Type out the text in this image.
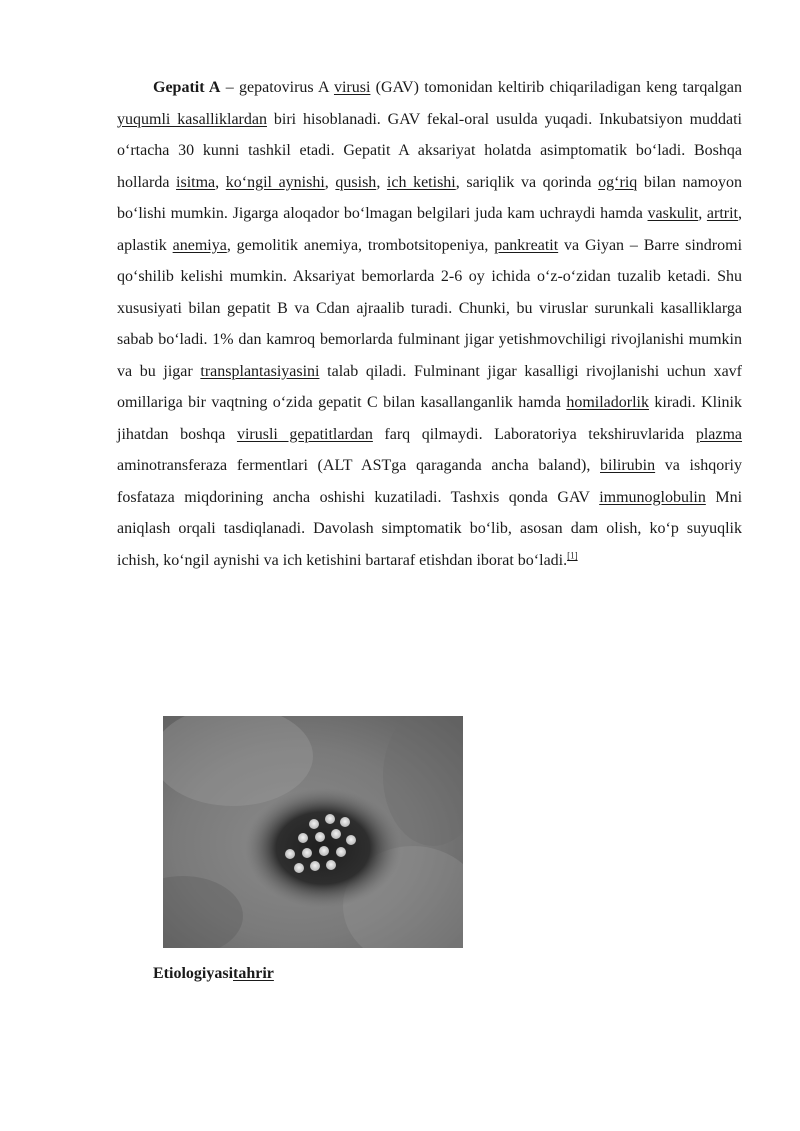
Gepatit A – gepatovirus A virusi (GAV) tomonidan keltirib chiqariladigan keng tarqalgan yuqumli kasalliklardan biri hisoblanadi. GAV fekal-oral usulda yuqadi. Inkubatsiyon muddati oʻrtacha 30 kunni tashkil etadi. Gepatit A aksariyat holatda asimptomatik boʻladi. Boshqa hollarda isitma, koʻngil aynishi, qusish, ich ketishi, sariqlik va qorinda ogʻriq bilan namoyon boʻlishi mumkin. Jigarga aloqador boʻlmagan belgilari juda kam uchraydi hamda vaskulit, artrit, aplastik anemiya, gemolitik anemiya, trombotsitopeniya, pankreatit va Giyan – Barre sindromi qoʻshilib kelishi mumkin. Aksariyat bemorlarda 2-6 oy ichida oʻz-oʻzidan tuzalib ketadi. Shu xususiyati bilan gepatit B va Cdan ajraalib turadi. Chunki, bu viruslar surunkali kasalliklarga sabab boʻladi. 1% dan kamroq bemorlarda fulminant jigar yetishmovchiligi rivojlanishi mumkin va bu jigar transplantasiyasini talab qiladi. Fulminant jigar kasalligi rivojlanishi uchun xavf omillariga bir vaqtning oʻzida gepatit C bilan kasallanganlik hamda homiladorlik kiradi. Klinik jihatdan boshqa virusli gepatitlardan farq qilmaydi. Laboratoriya tekshiruvlarida plazma aminotransferaza fermentlari (ALT ASTga qaraganda ancha baland), bilirubin va ishqoriy fosfataza miqdorining ancha oshishi kuzatiladi. Tashxis qonda GAV immunoglobulin Mni aniqlash orqali tasdiqlanadi. Davolash simptomatik boʻlib, asosan dam olish, koʻp suyuqlik ichish, koʻngil aynishi va ich ketishini bartaraf etishdan iborat boʻladi.[1]

Etiologiyasitahrir
